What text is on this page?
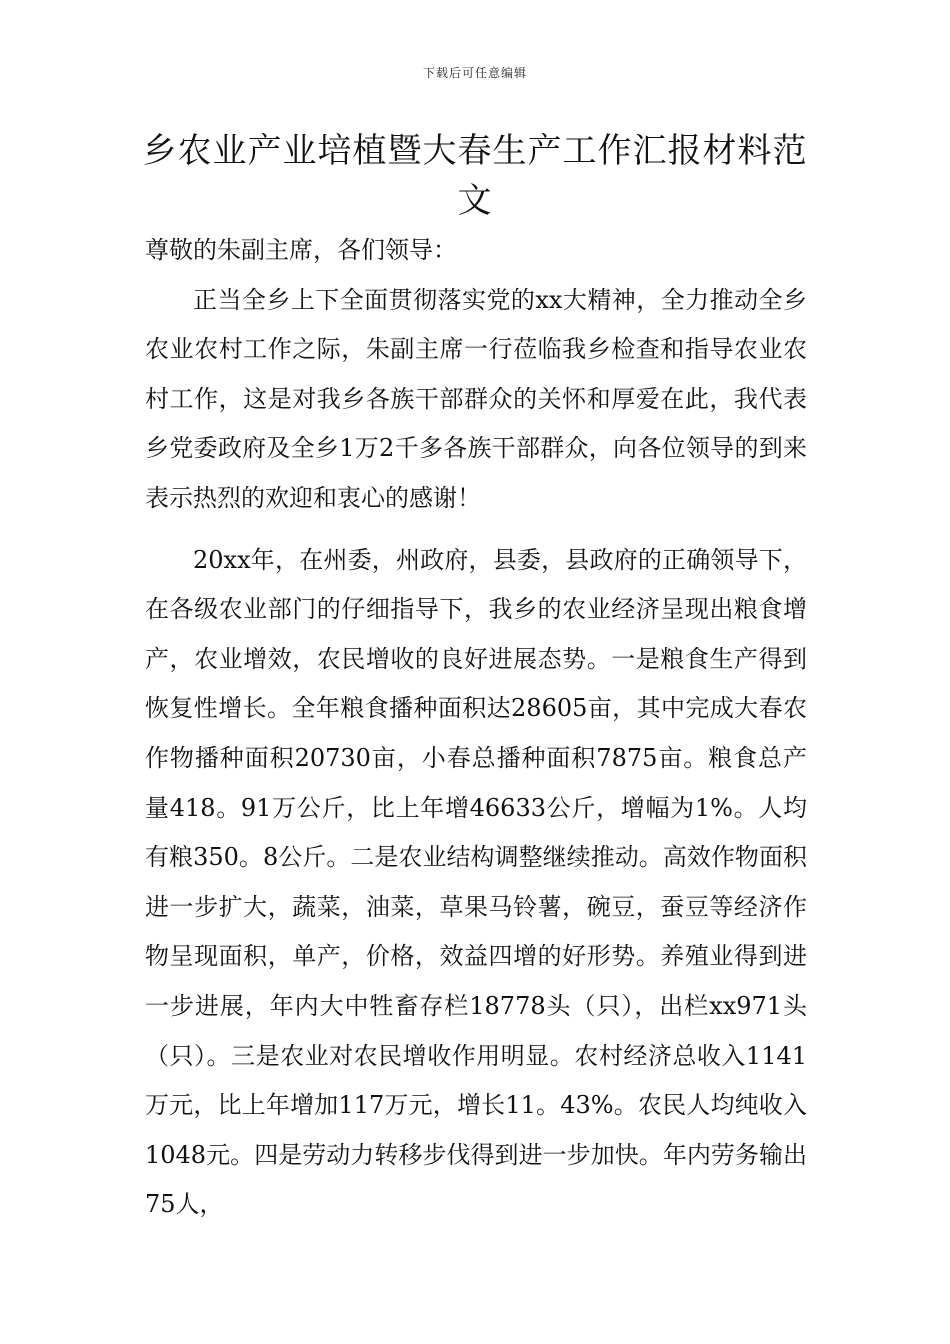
下载后可任意编辑
乡农业产业培植暨大春生产工作汇报材料范文

尊敬的朱副主席，各们领导：

正当全乡上下全面贯彻落实党的xx大精神，全力推动全乡农业农村工作之际，朱副主席一行莅临我乡检查和指导农业农村工作，这是对我乡各族干部群众的关怀和厚爱在此，我代表乡党委政府及全乡1万2千多各族干部群众，向各位领导的到来表示热烈的欢迎和衷心的感谢！

20xx年，在州委，州政府，县委，县政府的正确领导下，在各级农业部门的仔细指导下，我乡的农业经济呈现出粮食增产，农业增效，农民增收的良好进展态势。一是粮食生产得到恢复性增长。全年粮食播种面积达28605亩，其中完成大春农作物播种面积20730亩，小春总播种面积7875亩。粮食总产量418。91万公斤，比上年增46633公斤，增幅为1%。人均有粮350。8公斤。二是农业结构调整继续推动。高效作物面积进一步扩大，蔬菜，油菜，草果马铃薯，碗豆，蚕豆等经济作物呈现面积，单产，价格，效益四增的好形势。养殖业得到进一步进展，年内大中牲畜存栏18778头（只），出栏xx971头（只）。三是农业对农民增收作用明显。农村经济总收入1141万元，比上年增加117万元，增长11。43%。农民人均纯收入1048元。四是劳动力转移步伐得到进一步加快。年内劳务输出75人，
